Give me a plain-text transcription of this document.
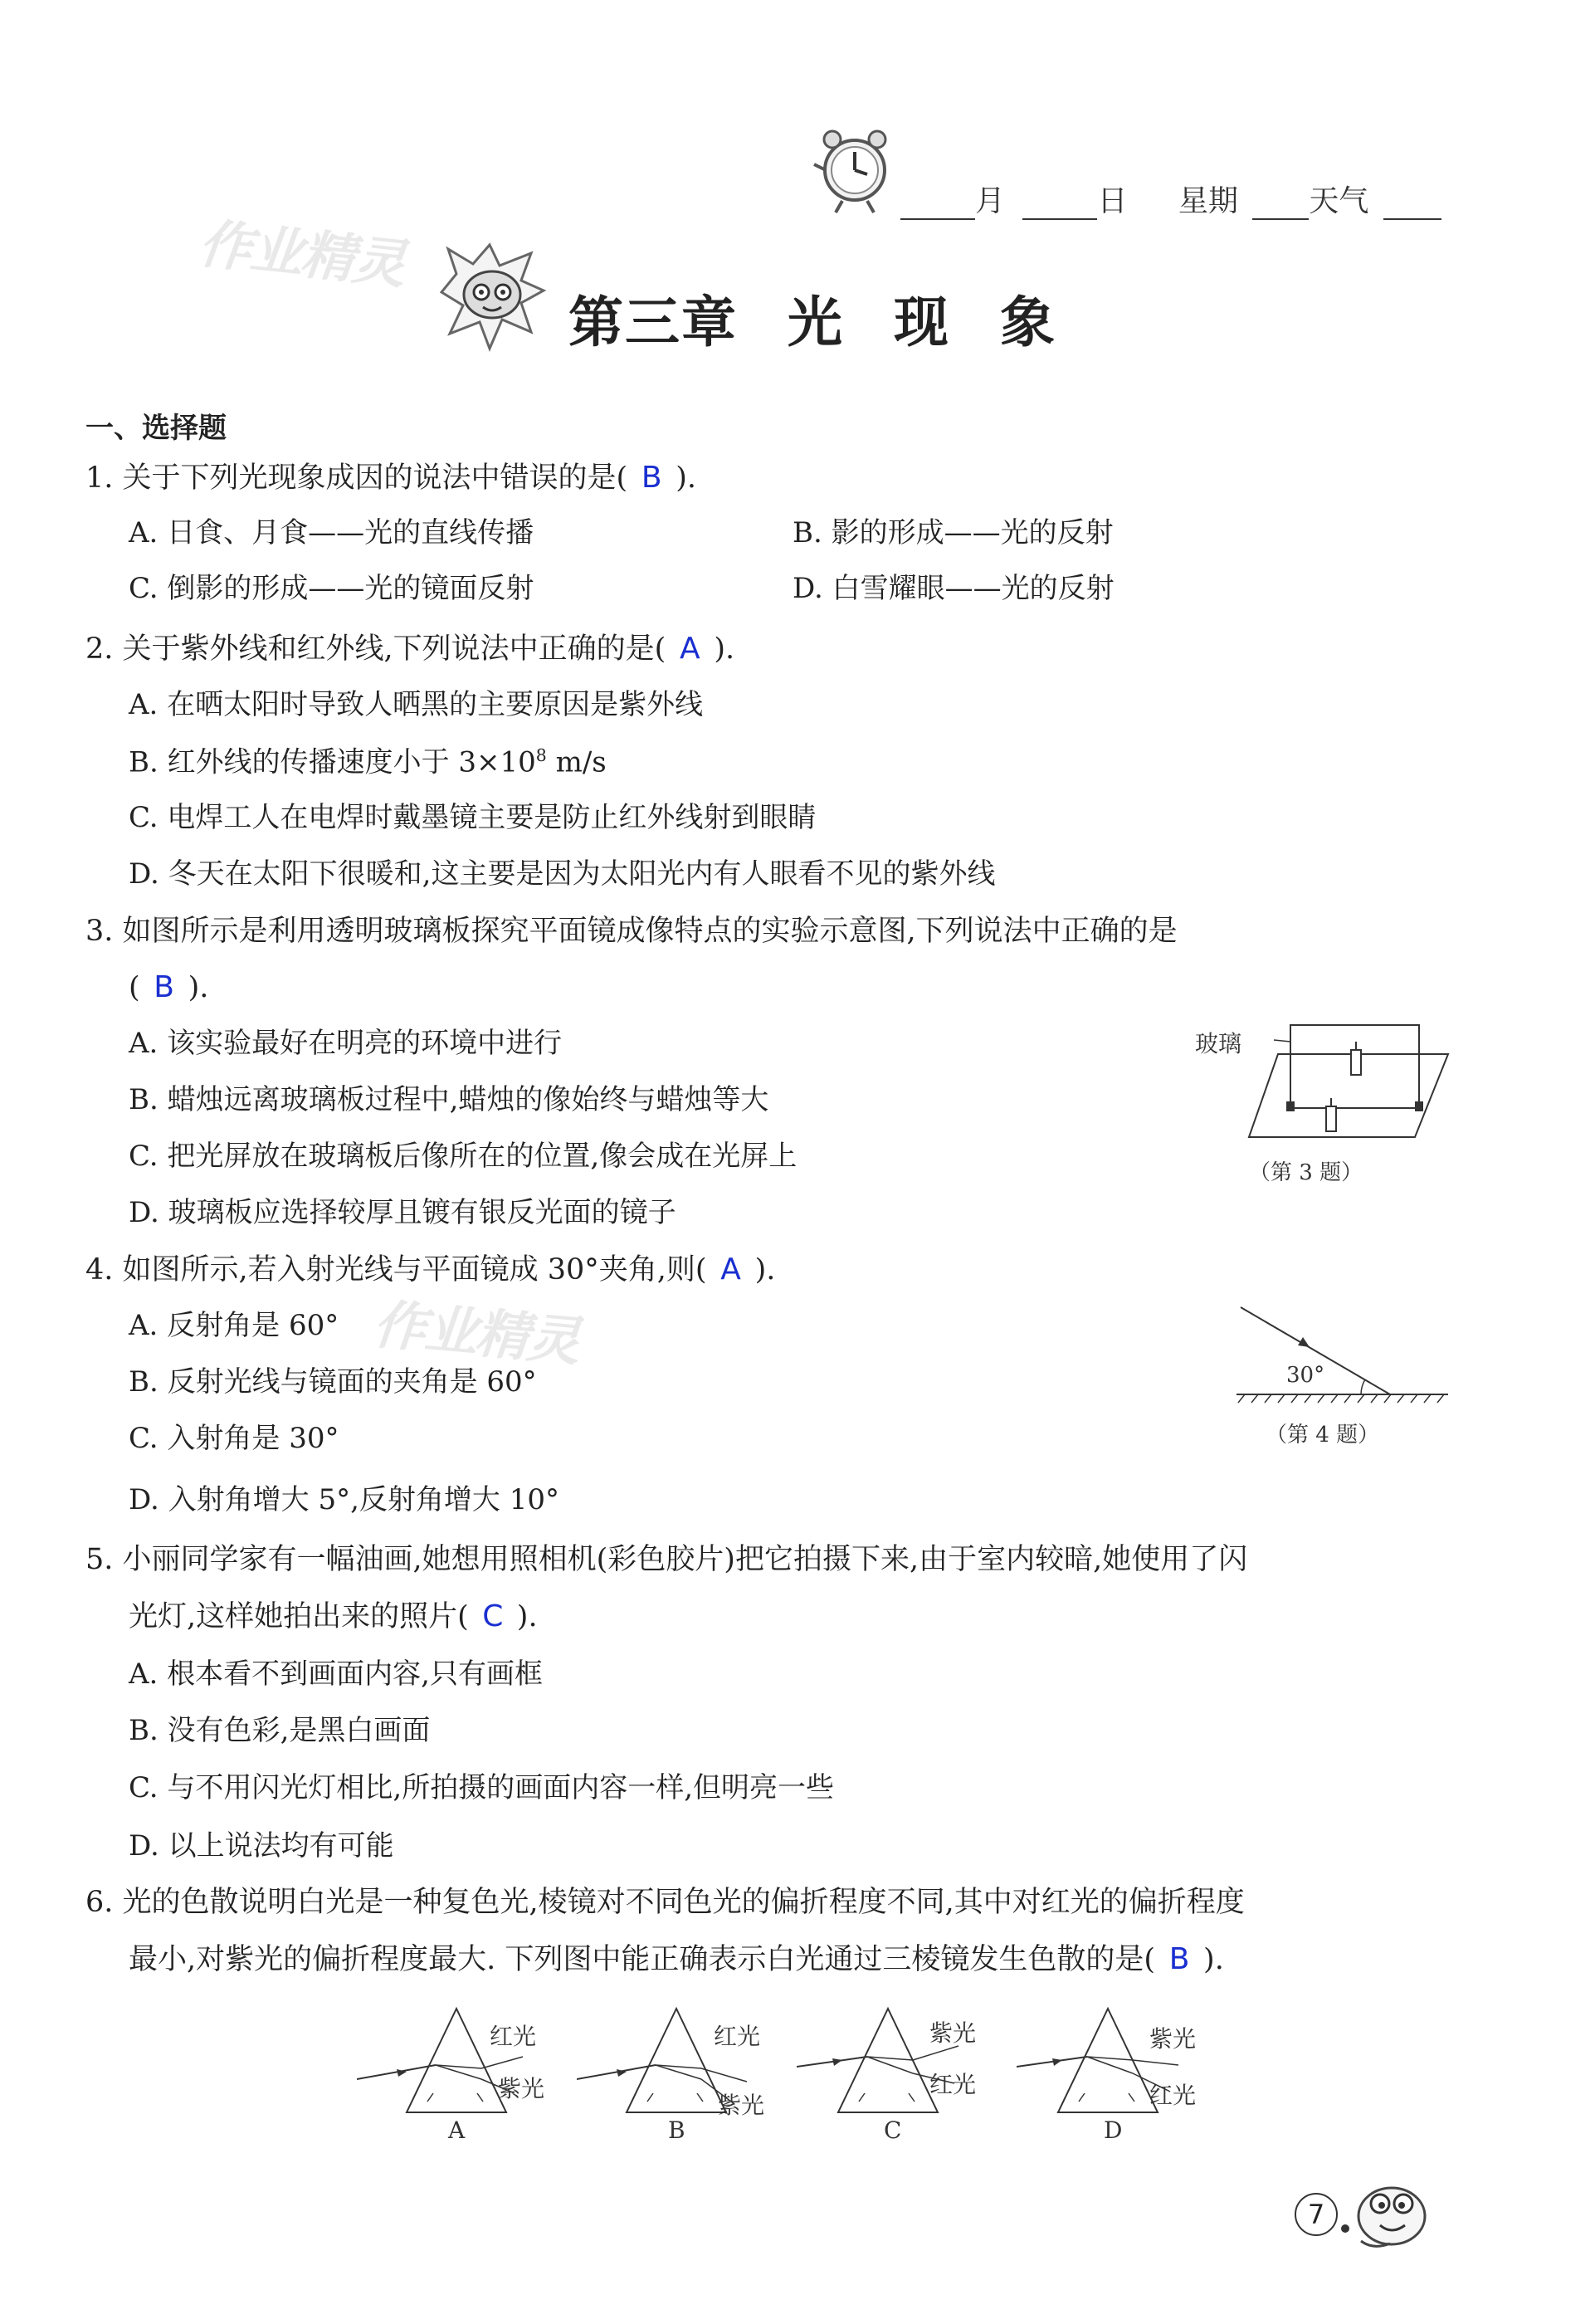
月	日 星期 天气
作业精灵
第三章 光 现 象
一、选择题
1. 关于下列光现象成因的说法中错误的是( B ).
A. 日食、月食——光的直线传播	B. 影的形成——光的反射
C. 倒影的形成——光的镜面反射	D. 白雪耀眼——光的反射
2. 关于紫外线和红外线,下列说法中正确的是( A ).
A. 在晒太阳时导致人晒黑的主要原因是紫外线
B. 红外线的传播速度小于 $3\times 10^8$ m/s
C. 电焊工人在电焊时戴墨镜主要是防止红外线射到眼睛
D. 冬天在太阳下很暖和,这主要是因为太阳光内有人眼看不见的紫外线
3. 如图所示是利用透明玻璃板探究平面镜成像特点的实验示意图,下列说法中正确的是
( B ).
A. 该实验最好在明亮的环境中进行
B. 蜡烛远离玻璃板过程中,蜡烛的像始终与蜡烛等大
C. 把光屏放在玻璃板后像所在的位置,像会成在光屏上
D. 玻璃板应选择较厚且镀有银反光面的镜子
玻璃
（第 3 题）
4. 如图所示,若入射光线与平面镜成 30°夹角,则( A ).
A. 反射角是 60° 作业精灵
B. 反射光线与镜面的夹角是 60°
C. 入射角是 30°
D. 入射角增大 5°,反射角增大 10°
30°
（第 4 题）
5. 小丽同学家有一幅油画,她想用照相机(彩色胶片)把它拍摄下来,由于室内较暗,她使用了闪
光灯,这样她拍出来的照片( C ).
A. 根本看不到画面内容,只有画框
B. 没有色彩,是黑白画面
C. 与不用闪光灯相比,所拍摄的画面内容一样,但明亮一些
D. 以上说法均有可能
6. 光的色散说明白光是一种复色光,棱镜对不同色光的偏折程度不同,其中对红光的偏折程度
最小,对紫光的偏折程度最大. 下列图中能正确表示白光通过三棱镜发生色散的是( B ).
红光
紫光
A
红光
紫光
B
紫光
红光
C
紫光
红光
D
7
